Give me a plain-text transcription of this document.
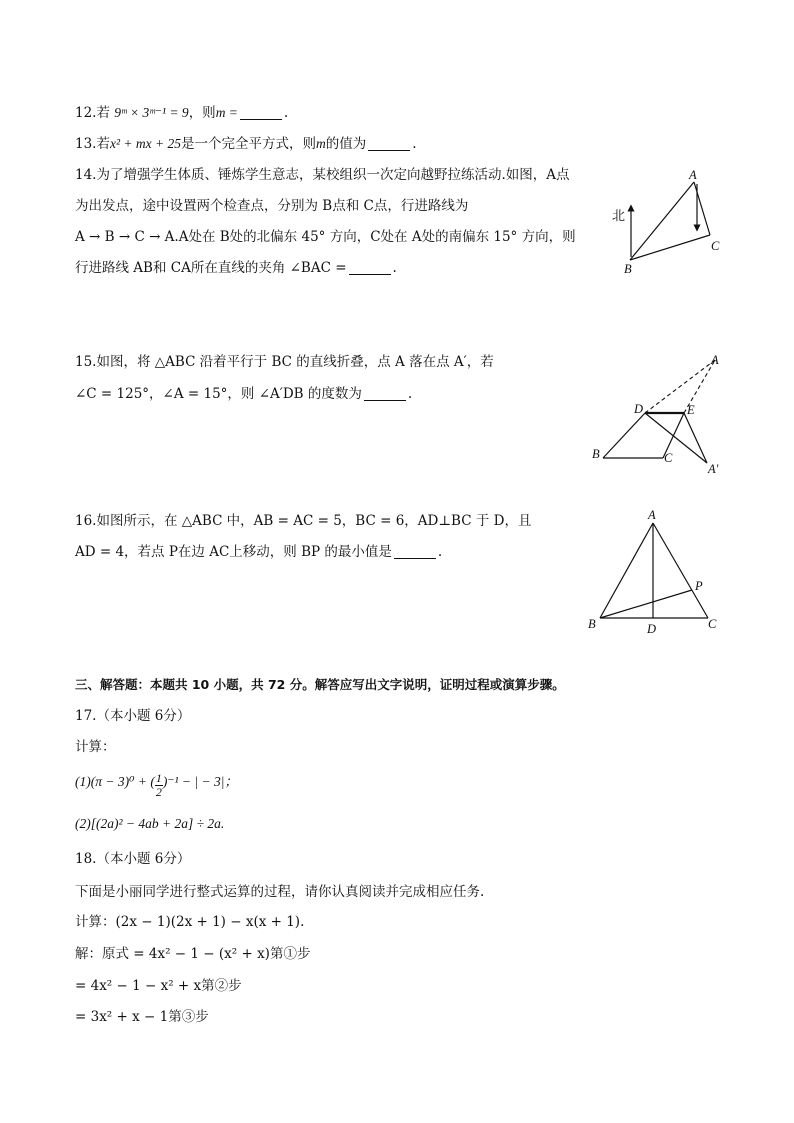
12.若 9ᵐ × 3ᵐ⁻¹ = 9，则m =	.
13.若x² + mx + 25是一个完全平方式，则m的值为	.
14.为了增强学生体质、锤炼学生意志，某校组织一次定向越野拉练活动.如图，A点
为出发点，途中设置两个检查点，分别为 B点和 C点，行进路线为
A → B → C → A.A处在 B处的北偏东 45° 方向，C处在 A处的南偏东 15° 方向，则
行进路线 AB和 CA所在直线的夹角 ∠BAC =	.
北
A
B
C
15.如图，将 △ABC 沿着平行于 BC 的直线折叠，点 A 落在点 A′，若
∠C = 125°，∠A = 15°，则 ∠A′DB 的度数为	.
A
D	E
B	C
A′
16.如图所示，在 △ABC 中，AB = AC = 5，BC = 6，AD⊥BC 于 D，且
AD = 4，若点 P在边 AC上移动，则 BP 的最小值是	.
A
P
B	D	C
三、解答题：本题共 10 小题，共 72 分。解答应写出文字说明，证明过程或演算步骤。
17.（本小题 6分）
计算：
(1)(π − 3)⁰ + ( $\frac{1}{2} )^{-1}$ − | − 3|；
(2)[(2a)² − 4ab + 2a] ÷ 2a.
18.（本小题 6分）
下面是小丽同学进行整式运算的过程，请你认真阅读并完成相应任务.
计算：(2x − 1)(2x + 1) − x(x + 1).
解：原式 = 4x² − 1 − (x² + x)第①步
= 4x² − 1 − x² + x第②步
= 3x² + x − 1第③步
